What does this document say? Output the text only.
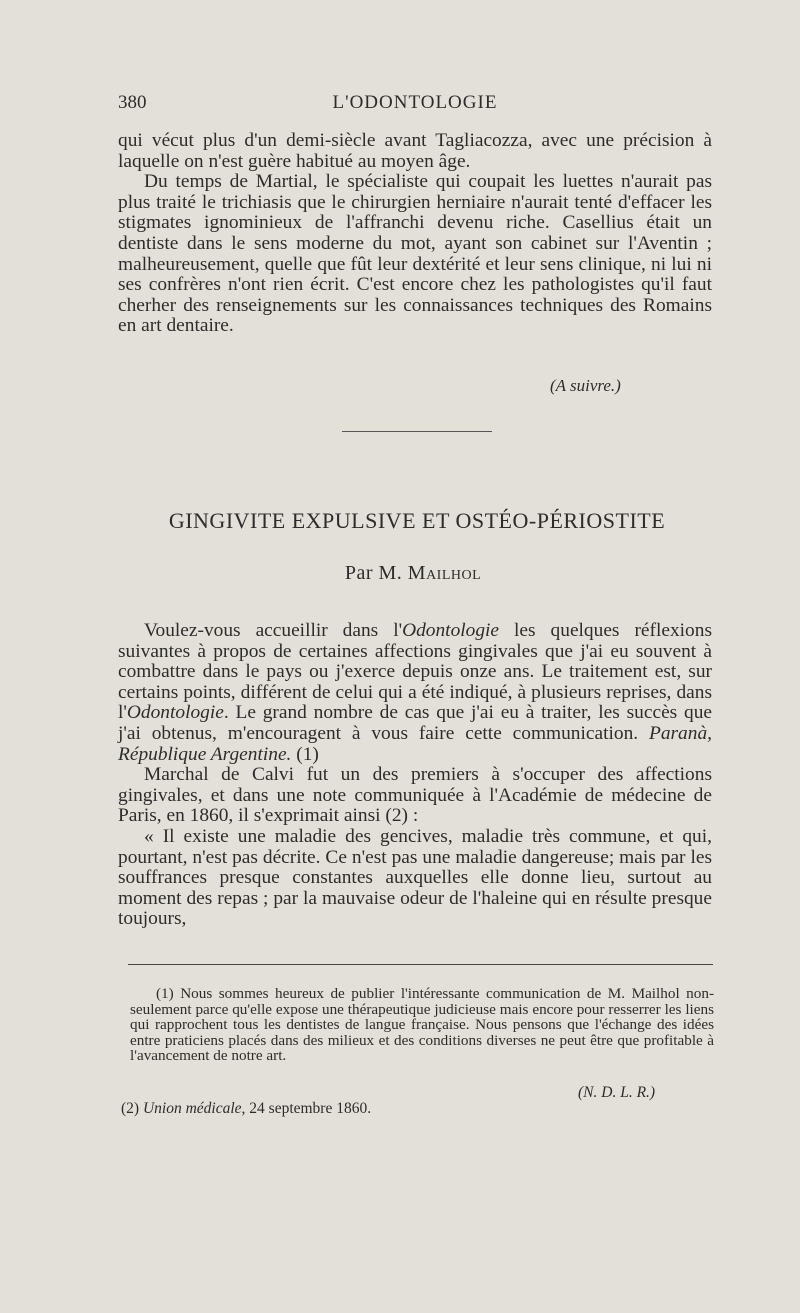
380	L'ODONTOLOGIE

qui vécut plus d'un demi-siècle avant Tagliacozza, avec une précision à laquelle on n'est guère habitué au moyen âge.

Du temps de Martial, le spécialiste qui coupait les luettes n'aurait pas plus traité le trichiasis que le chirurgien herniaire n'aurait tenté d'effacer les stigmates ignominieux de l'affranchi devenu riche. Casellius était un dentiste dans le sens moderne du mot, ayant son cabinet sur l'Aventin ; malheureusement, quelle que fût leur dextérité et leur sens clinique, ni lui ni ses confrères n'ont rien écrit. C'est encore chez les pathologistes qu'il faut cherher des renseignements sur les connaissances techniques des Romains en art dentaire.

(A suivre.)
GINGIVITE EXPULSIVE ET OSTÉO-PÉRIOSTITE
Par M. Mailhol

Voulez-vous accueillir dans l'Odontologie les quelques réflexions suivantes à propos de certaines affections gingivales que j'ai eu souvent à combattre dans le pays ou j'exerce depuis onze ans. Le traitement est, sur certains points, différent de celui qui a été indiqué, à plusieurs reprises, dans l'Odontologie. Le grand nombre de cas que j'ai eu à traiter, les succès que j'ai obtenus, m'encouragent à vous faire cette communication. Paranà, République Argentine. (1)

Marchal de Calvi fut un des premiers à s'occuper des affections gingivales, et dans une note communiquée à l'Académie de médecine de Paris, en 1860, il s'exprimait ainsi (2) :

« Il existe une maladie des gencives, maladie très commune, et qui, pourtant, n'est pas décrite. Ce n'est pas une maladie dangereuse; mais par les souffrances presque constantes auxquelles elle donne lieu, surtout au moment des repas ; par la mauvaise odeur de l'haleine qui en résulte presque toujours,

(1) Nous sommes heureux de publier l'intéressante communication de M. Mailhol non-seulement parce qu'elle expose une thérapeutique judicieuse mais encore pour resserrer les liens qui rapprochent tous les dentistes de langue française. Nous pensons que l'échange des idées entre praticiens placés dans des milieux et des conditions diverses ne peut être que profitable à l'avancement de notre art.

(N. D. L. R.)
(2) Union médicale, 24 septembre 1860.
